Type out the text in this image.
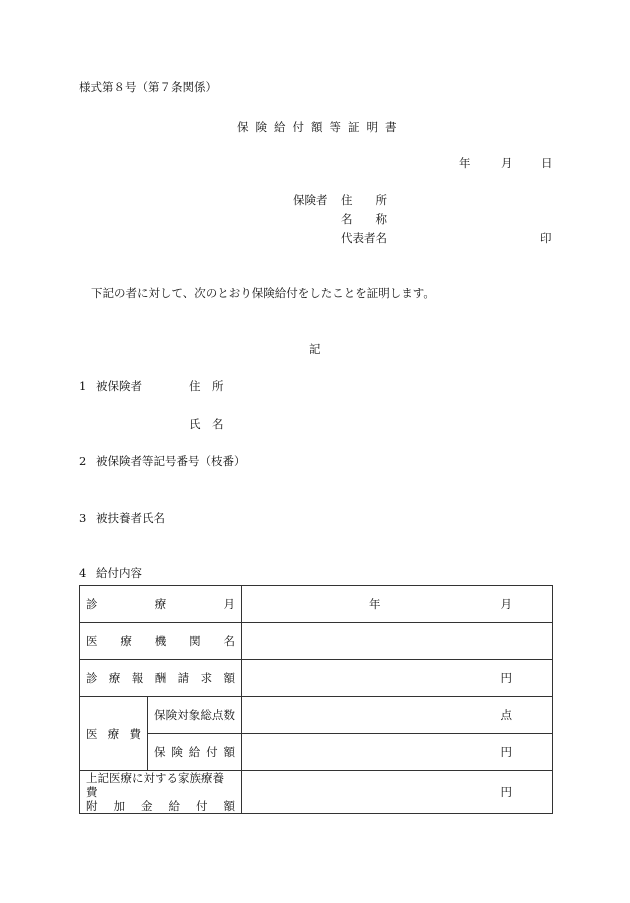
様式第８号（第７条関係）
保険給付額等証明書
年	月 日
保険者 住　　所
名　　称
代表者名	印
下記の者に対して、次のとおり保険給付をしたことを証明します。
記
1 被保険者	住　所
氏　名
2 被保険者等記号番号（枝番）
3 被扶養者氏名
4 給付内容
診療月		年 月

医療機関名		
診療報酬請求額		円

医療費	保険対象総点数	点

	保険給付額	円

上記医療に対する家族療養費
附加金給付額		円
